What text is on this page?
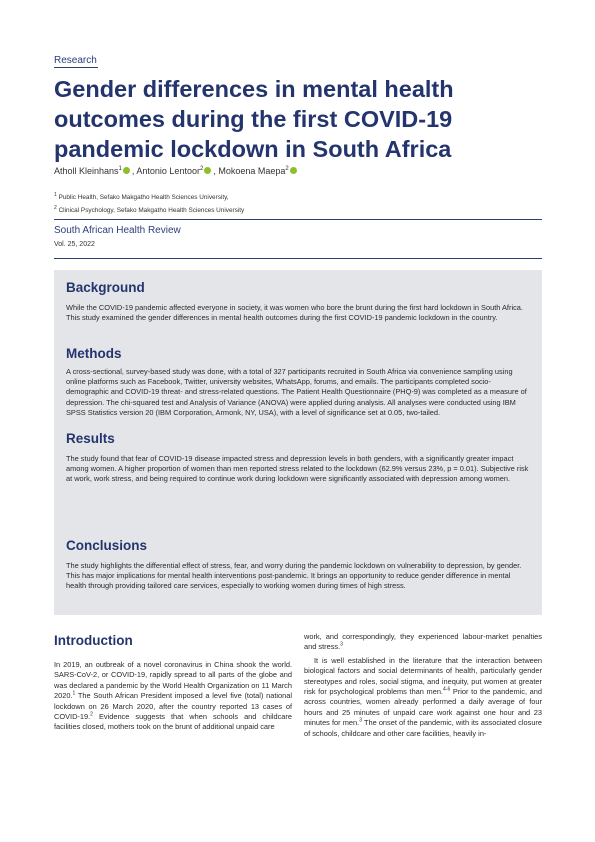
Research
Gender differences in mental health outcomes during the first COVID-19 pandemic lockdown in South Africa
Atholl Kleinhans$^1$ , Antonio Lentoor$^2$ , Mokoena Maepa$^2$
$^1$ Public Health, Sefako Makgatho Health Sciences University,
$^2$ Clinical Psychology, Sefako Makgatho Health Sciences University
South African Health Review
Vol. 25, 2022
Background

While the COVID-19 pandemic affected everyone in society, it was women who bore the brunt during the first hard lockdown in South Africa. This study examined the gender differences in mental health outcomes during the first COVID-19 pandemic lockdown in the country.

Methods

A cross-sectional, survey-based study was done, with a total of 327 participants recruited in South Africa via convenience sampling using online platforms such as Facebook, Twitter, university websites, WhatsApp, forums, and emails. The participants completed socio-demographic and COVID-19 threat- and stress-related questions. The Patient Health Questionnaire (PHQ-9) was completed as a measure of depression. The chi-squared test and Analysis of Variance (ANOVA) were applied during analysis. All analyses were conducted using IBM SPSS Statistics version 20 (IBM Corporation, Armonk, NY, USA), with a level of significance set at 0.05, two-tailed.

Results

The study found that fear of COVID-19 disease impacted stress and depression levels in both genders, with a significantly greater impact among women. A higher proportion of women than men reported stress related to the lockdown (62.9% versus 23%, p = 0.01). Subjective risk at work, work stress, and being required to continue work during lockdown were significantly associated with depression among women.

Conclusions

The study highlights the differential effect of stress, fear, and worry during the pandemic lockdown on vulnerability to depression, by gender. This has major implications for mental health interventions post-pandemic. It brings an opportunity to reduce gender difference in mental health through providing tailored care services, especially to working women during times of high stress.

Introduction

In 2019, an outbreak of a novel coronavirus in China shook the world. SARS-CoV-2, or COVID-19, rapidly spread to all parts of the globe and was declared a pandemic by the World Health Organization on 11 March 2020.$^1$ The South African President imposed a level five (total) national lockdown on 26 March 2020, after the country reported 13 cases of COVID-19.$^2$ Evidence suggests that when schools and childcare facilities closed, mothers took on the brunt of additional unpaid care

work, and correspondingly, they experienced labour-market penalties and stress.$^3$

It is well established in the literature that the interaction between biological factors and social determinants of health, particularly gender stereotypes and roles, social stigma, and inequity, put women at greater risk for psychological problems than men.$^{4-6}$ Prior to the pandemic, and across countries, women already performed a daily average of four hours and 25 minutes of unpaid care work against one hour and 23 minutes for men.$^3$ The onset of the pandemic, with its associated closure of schools, childcare and other care facilities, heavily in-
